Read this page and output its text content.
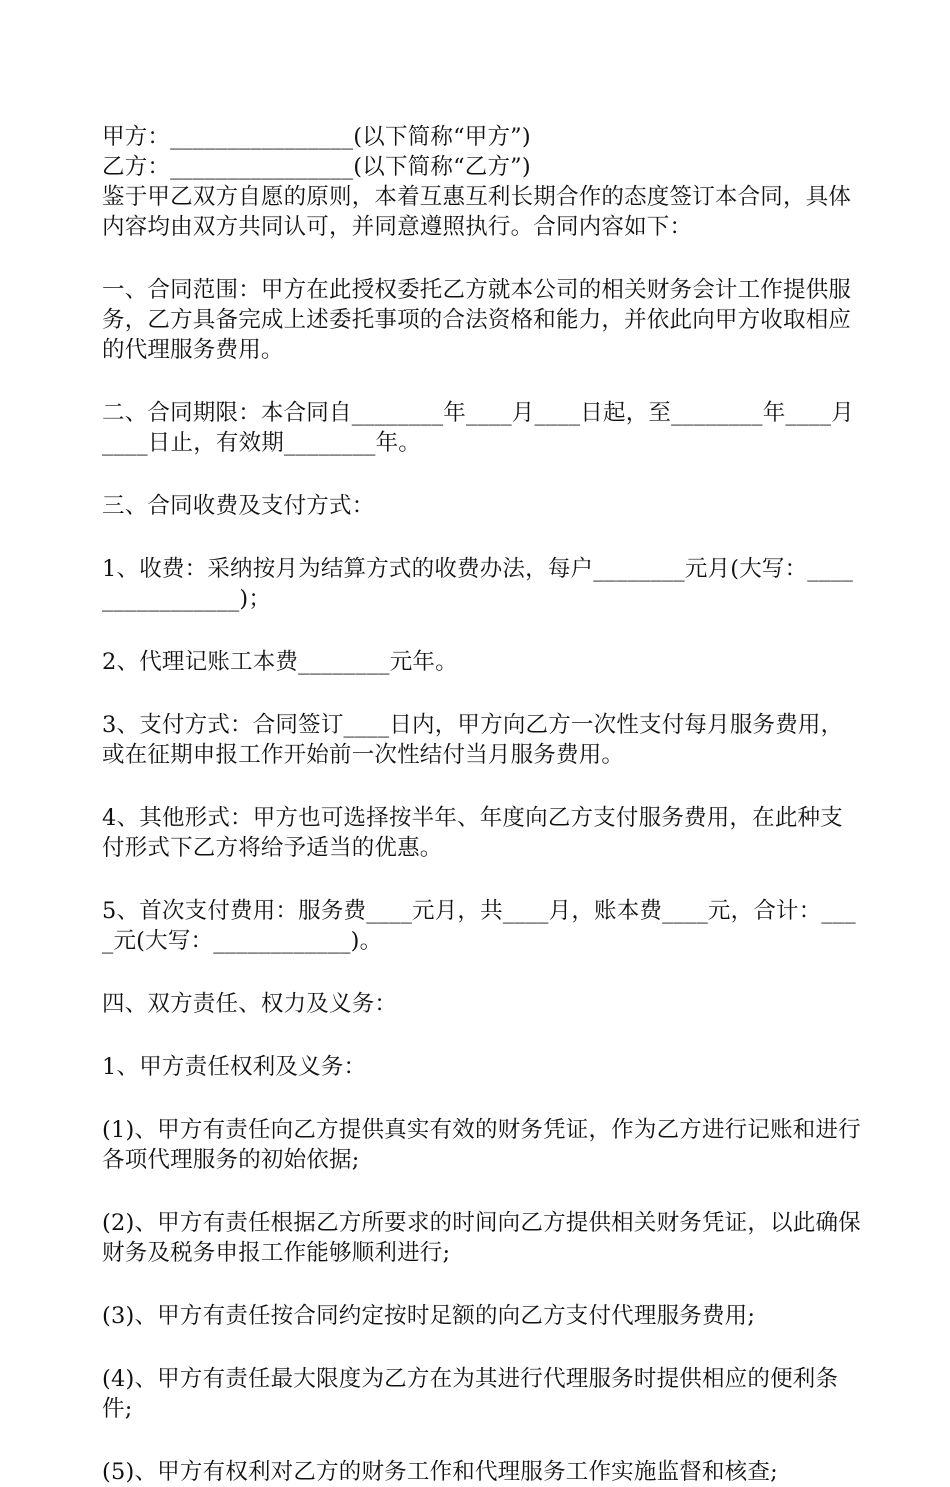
甲方：________________(以下简称“甲方”)

乙方：________________(以下简称“乙方”)

鉴于甲乙双方自愿的原则，本着互惠互利长期合作的态度签订本合同，具体内容均由双方共同认可，并同意遵照执行。合同内容如下：

一、合同范围：甲方在此授权委托乙方就本公司的相关财务会计工作提供服务，乙方具备完成上述委托事项的合法资格和能力，并依此向甲方收取相应的代理服务费用。

二、合同期限：本合同自________年____月____日起，至________年____月____日止，有效期________年。

三、合同收费及支付方式：

1、收费：采纳按月为结算方式的收费办法，每户________元月(大写：________________)；

2、代理记账工本费________元年。

3、支付方式：合同签订____日内，甲方向乙方一次性支付每月服务费用，或在征期申报工作开始前一次性结付当月服务费用。

4、其他形式：甲方也可选择按半年、年度向乙方支付服务费用，在此种支付形式下乙方将给予适当的优惠。

5、首次支付费用：服务费____元月，共____月，账本费____元，合计：____元(大写：____________)。

四、双方责任、权力及义务：

1、甲方责任权利及义务：

(1)、甲方有责任向乙方提供真实有效的财务凭证，作为乙方进行记账和进行各项代理服务的初始依据;

(2)、甲方有责任根据乙方所要求的时间向乙方提供相关财务凭证，以此确保财务及税务申报工作能够顺利进行;

(3)、甲方有责任按合同约定按时足额的向乙方支付代理服务费用;

(4)、甲方有责任最大限度为乙方在为其进行代理服务时提供相应的便利条件;

(5)、甲方有权利对乙方的财务工作和代理服务工作实施监督和核查;
